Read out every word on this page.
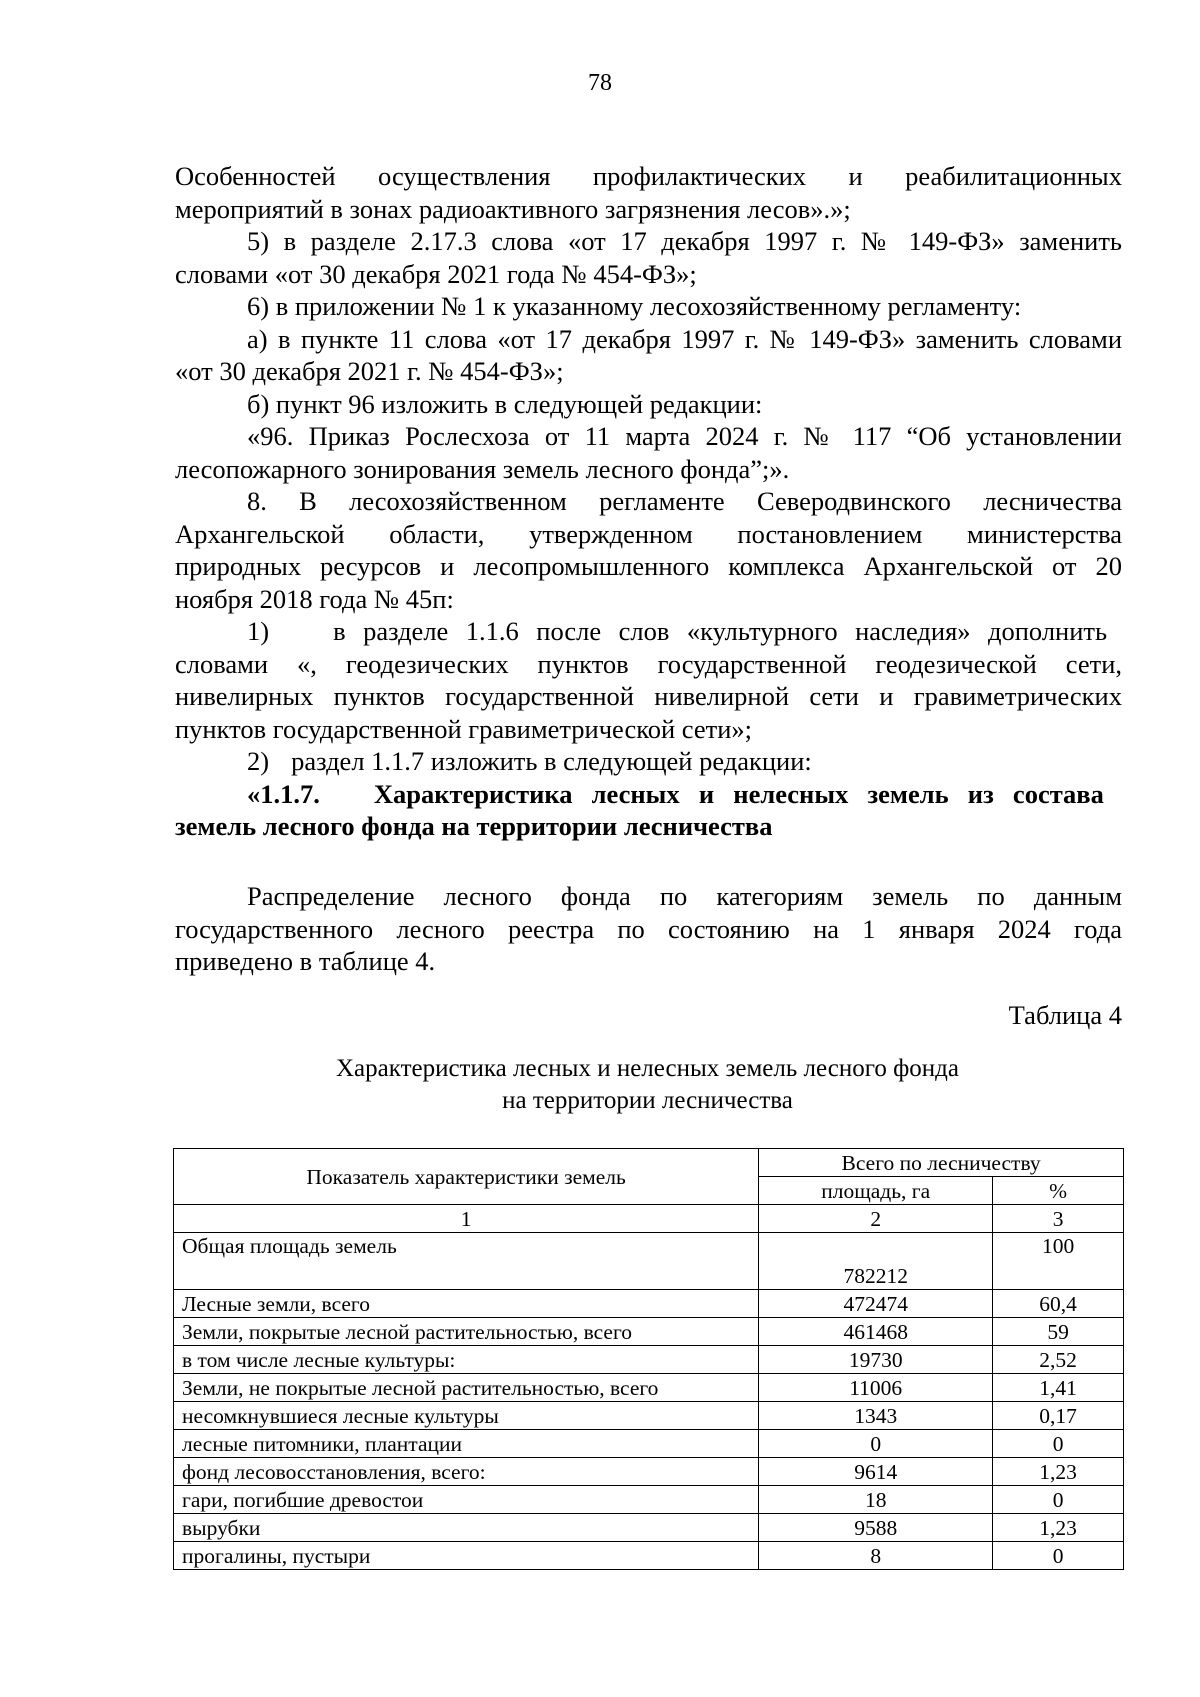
78
Особенностей осуществления профилактических и реабилитационных
мероприятий в зонах радиоактивного загрязнения лесов».»;
5) в разделе 2.17.3 слова «от 17 декабря 1997 г. № 149-ФЗ» заменить
словами «от 30 декабря 2021 года № 454-ФЗ»;
6) в приложении № 1 к указанному лесохозяйственному регламенту:
а) в пункте 11 слова «от 17 декабря 1997 г. № 149-ФЗ» заменить словами
«от 30 декабря 2021 г. № 454-ФЗ»;
б) пункт 96 изложить в следующей редакции:
«96. Приказ Рослесхоза от 11 марта 2024 г. № 117 “Об установлении
лесопожарного зонирования земель лесного фонда”;».
8. В лесохозяйственном регламенте Северодвинского лесничества
Архангельской области, утвержденном постановлением министерства
природных ресурсов и лесопромышленного комплекса Архангельской от 20
ноября 2018 года № 45п:
1) в разделе 1.1.6 после слов «культурного наследия» дополнить
словами «, геодезических пунктов государственной геодезической сети,
нивелирных пунктов государственной нивелирной сети и гравиметрических
пунктов государственной гравиметрической сети»;
2) раздел 1.1.7 изложить в следующей редакции:
«1.1.7. Характеристика лесных и нелесных земель из состава
земель лесного фонда на территории лесничества
Распределение лесного фонда по категориям земель по данным
государственного лесного реестра по состоянию на 1 января 2024 года
приведено в таблице 4.
Таблица 4
Характеристика лесных и нелесных земель лесного фонда
на территории лесничества
Показатель характеристики земель	Всего по лесничеству	
	площадь, га	%
1	2	3
Общая площадь земель	782212	100
Лесные земли, всего	472474	60,4
Земли, покрытые лесной растительностью, всего	461468	59
в том числе лесные культуры:	19730	2,52
Земли, не покрытые лесной растительностью, всего	11006	1,41
несомкнувшиеся лесные культуры	1343	0,17
лесные питомники, плантации	0	0
фонд лесовосстановления, всего:	9614	1,23
гари, погибшие древостои	18	0
вырубки	9588	1,23
прогалины, пустыри	8	0
